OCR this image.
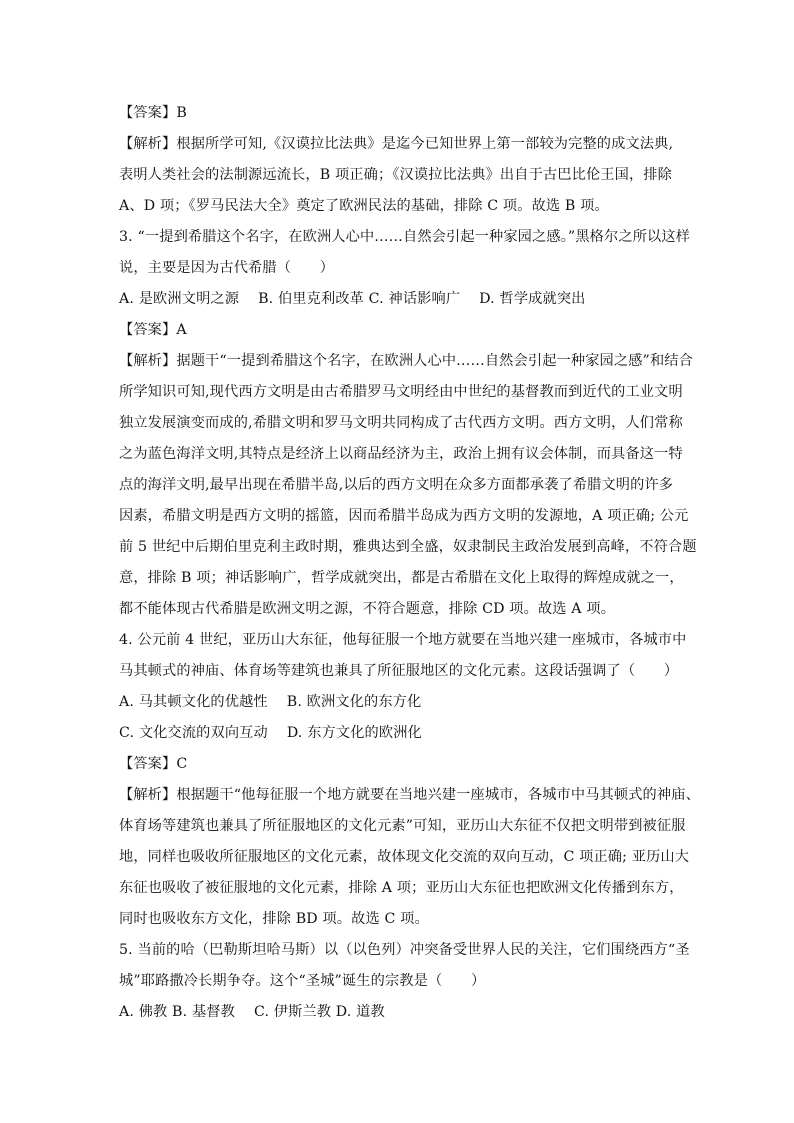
【答案】B
【解析】根据所学可知,《汉谟拉比法典》是迄今已知世界上第一部较为完整的成文法典,
表明人类社会的法制源远流长，B 项正确；《汉谟拉比法典》出自于古巴比伦王国，排除
A、D 项；《罗马民法大全》奠定了欧洲民法的基础，排除 C 项。故选 B 项。
3. “一提到希腊这个名字，在欧洲人心中……自然会引起一种家园之感。”黑格尔之所以这样
说，主要是因为古代希腊（　　）
A. 是欧洲文明之源　 B. 伯里克利改革 C. 神话影响广　 D. 哲学成就突出
【答案】A
【解析】据题干“一提到希腊这个名字，在欧洲人心中……自然会引起一种家园之感”和结合
所学知识可知,现代西方文明是由古希腊罗马文明经由中世纪的基督教而到近代的工业文明
独立发展演变而成的,希腊文明和罗马文明共同构成了古代西方文明。西方文明，人们常称
之为蓝色海洋文明,其特点是经济上以商品经济为主，政治上拥有议会体制，而具备这一特
点的海洋文明,最早出现在希腊半岛,以后的西方文明在众多方面都承袭了希腊文明的许多
因素，希腊文明是西方文明的摇篮，因而希腊半岛成为西方文明的发源地，A 项正确; 公元
前 5 世纪中后期伯里克利主政时期，雅典达到全盛，奴隶制民主政治发展到高峰，不符合题
意，排除 B 项；神话影响广，哲学成就突出，都是古希腊在文化上取得的辉煌成就之一，
都不能体现古代希腊是欧洲文明之源，不符合题意，排除 CD 项。故选 A 项。
4. 公元前 4 世纪，亚历山大东征，他每征服一个地方就要在当地兴建一座城市，各城市中
马其顿式的神庙、体育场等建筑也兼具了所征服地区的文化元素。这段话强调了（　　）
A. 马其顿文化的优越性　 B. 欧洲文化的东方化
C. 文化交流的双向互动　 D. 东方文化的欧洲化
【答案】C
【解析】根据题干“他每征服一个地方就要在当地兴建一座城市，各城市中马其顿式的神庙、
体育场等建筑也兼具了所征服地区的文化元素”可知，亚历山大东征不仅把文明带到被征服
地，同样也吸收所征服地区的文化元素，故体现文化交流的双向互动，C 项正确; 亚历山大
东征也吸收了被征服地的文化元素，排除 A 项；亚历山大东征也把欧洲文化传播到东方，
同时也吸收东方文化，排除 BD 项。故选 C 项。
5. 当前的哈（巴勒斯坦哈马斯）以（以色列）冲突备受世界人民的关注，它们围绕西方“圣
城”耶路撒冷长期争夺。这个“圣城”诞生的宗教是（　　）
A. 佛教 B. 基督教　 C. 伊斯兰教 D. 道教
